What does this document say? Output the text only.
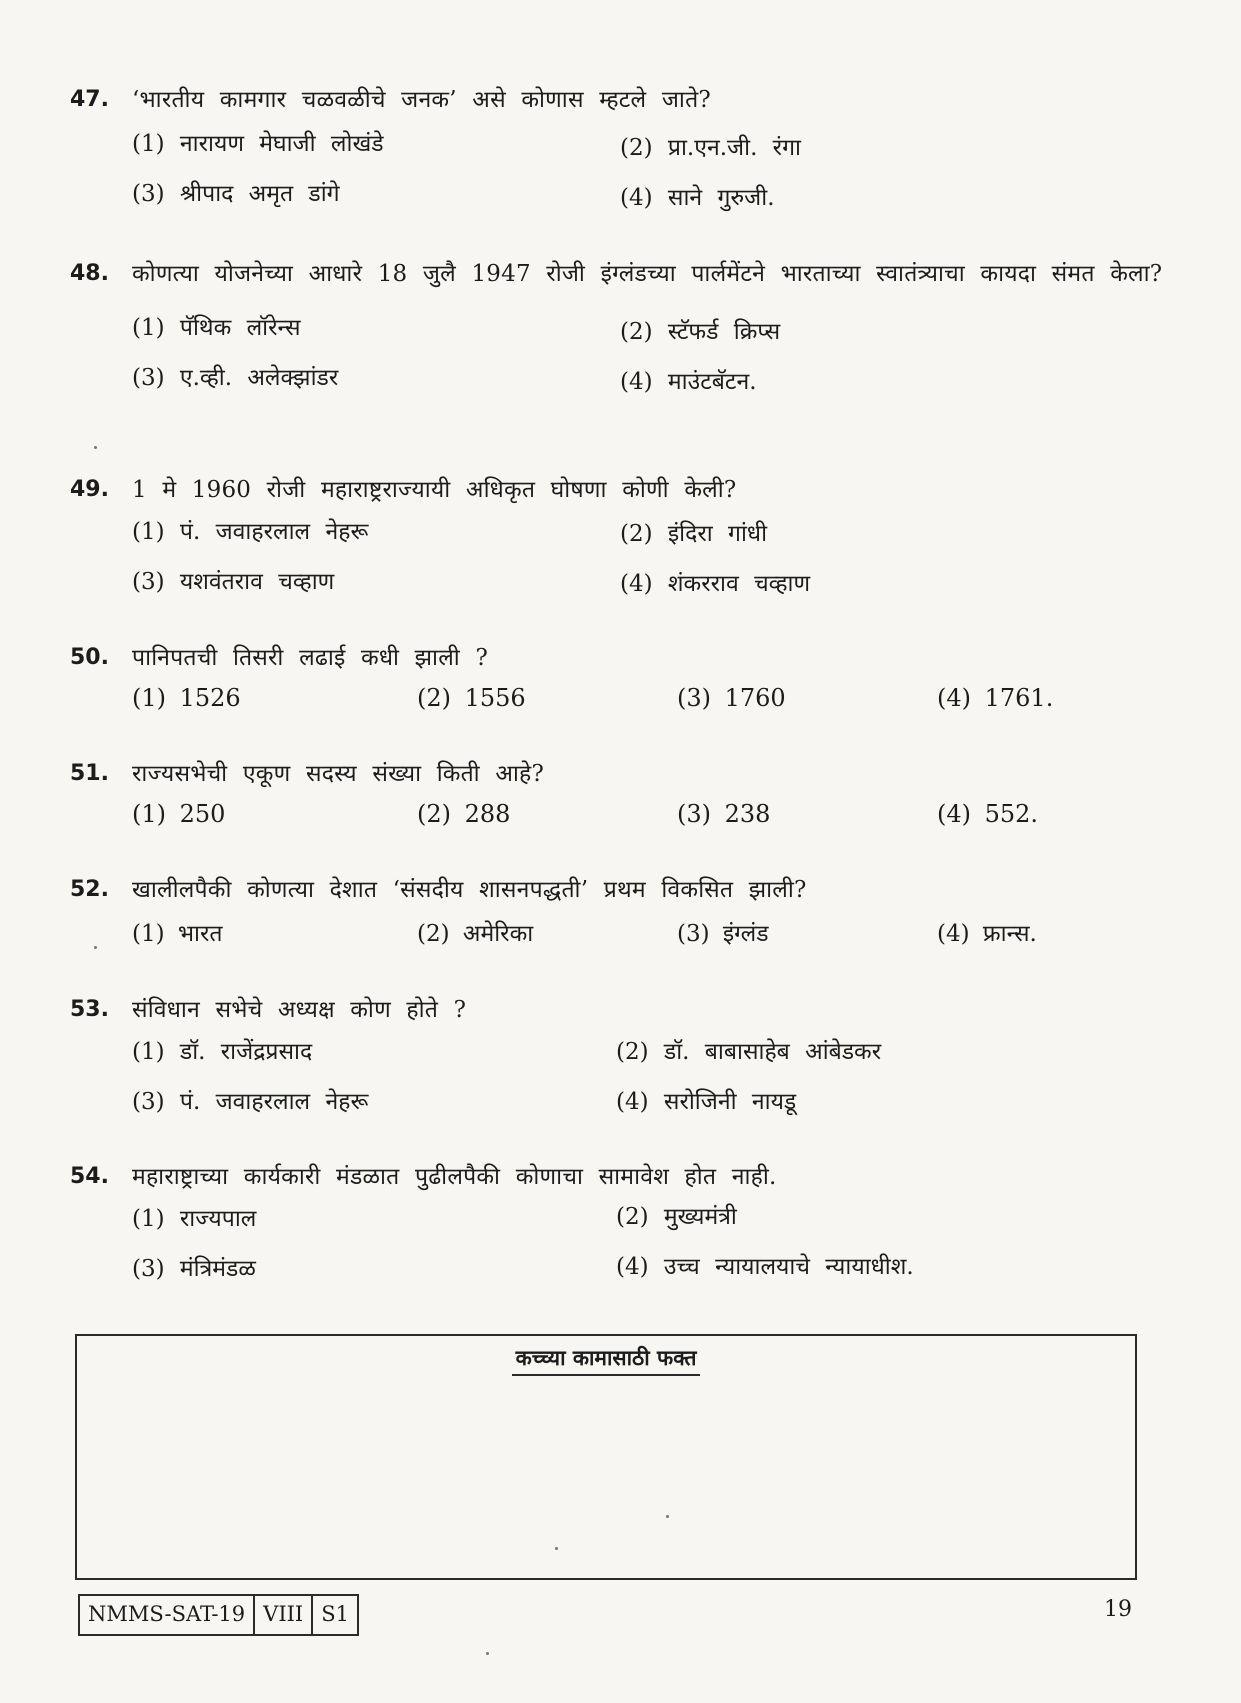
47.	‘भारतीय कामगार चळवळीचे जनक’ असे कोणास म्हटले जाते?
(1) नारायण मेघाजी लोखंडे	(2) प्रा.एन.जी. रंगा
(3) श्रीपाद अमृत डांगे	(4) साने गुरुजी.
48.	कोणत्या योजनेच्या आधारे 18 जुलै 1947 रोजी इंग्लंडच्या पार्लमेंटने भारताच्या स्वातंत्र्याचा कायदा संमत केला?
(1) पॅथिक लॉरेन्स	(2) स्टॅफर्ड क्रिप्स
(3) ए.व्ही. अलेक्झांडर	(4) माउंटबॅटन.
49.	1 मे 1960 रोजी महाराष्ट्रराज्यायी अधिकृत घोषणा कोणी केली?
(1) पं. जवाहरलाल नेहरू	(2) इंदिरा गांधी
(3) यशवंतराव चव्हाण	(4) शंकरराव चव्हाण
50.	पानिपतची तिसरी लढाई कधी झाली ?
(1) 1526	(2) 1556	(3) 1760	(4) 1761.
51.	राज्यसभेची एकूण सदस्य संख्या किती आहे?
(1) 250	(2) 288	(3) 238	(4) 552.
52.	खालीलपैकी कोणत्या देशात ‘संसदीय शासनपद्धती’ प्रथम विकसित झाली?
(1) भारत	(2) अमेरिका	(3) इंग्लंड	(4) फ्रान्स.
53.	संविधान सभेचे अध्यक्ष कोण होते ?
(1) डॉ. राजेंद्रप्रसाद	(2) डॉ. बाबासाहेब आंबेडकर
(3) पं. जवाहरलाल नेहरू	(4) सरोजिनी नायडू
54.	महाराष्ट्राच्या कार्यकारी मंडळात पुढीलपैकी कोणाचा सामावेश होत नाही.
(1) राज्यपाल	(2) मुख्यमंत्री
(3) मंत्रिमंडळ	(4) उच्च न्यायालयाचे न्यायाधीश.
कच्च्या कामासाठी फक्त
NMMS-SAT-19 VIII S1	19
